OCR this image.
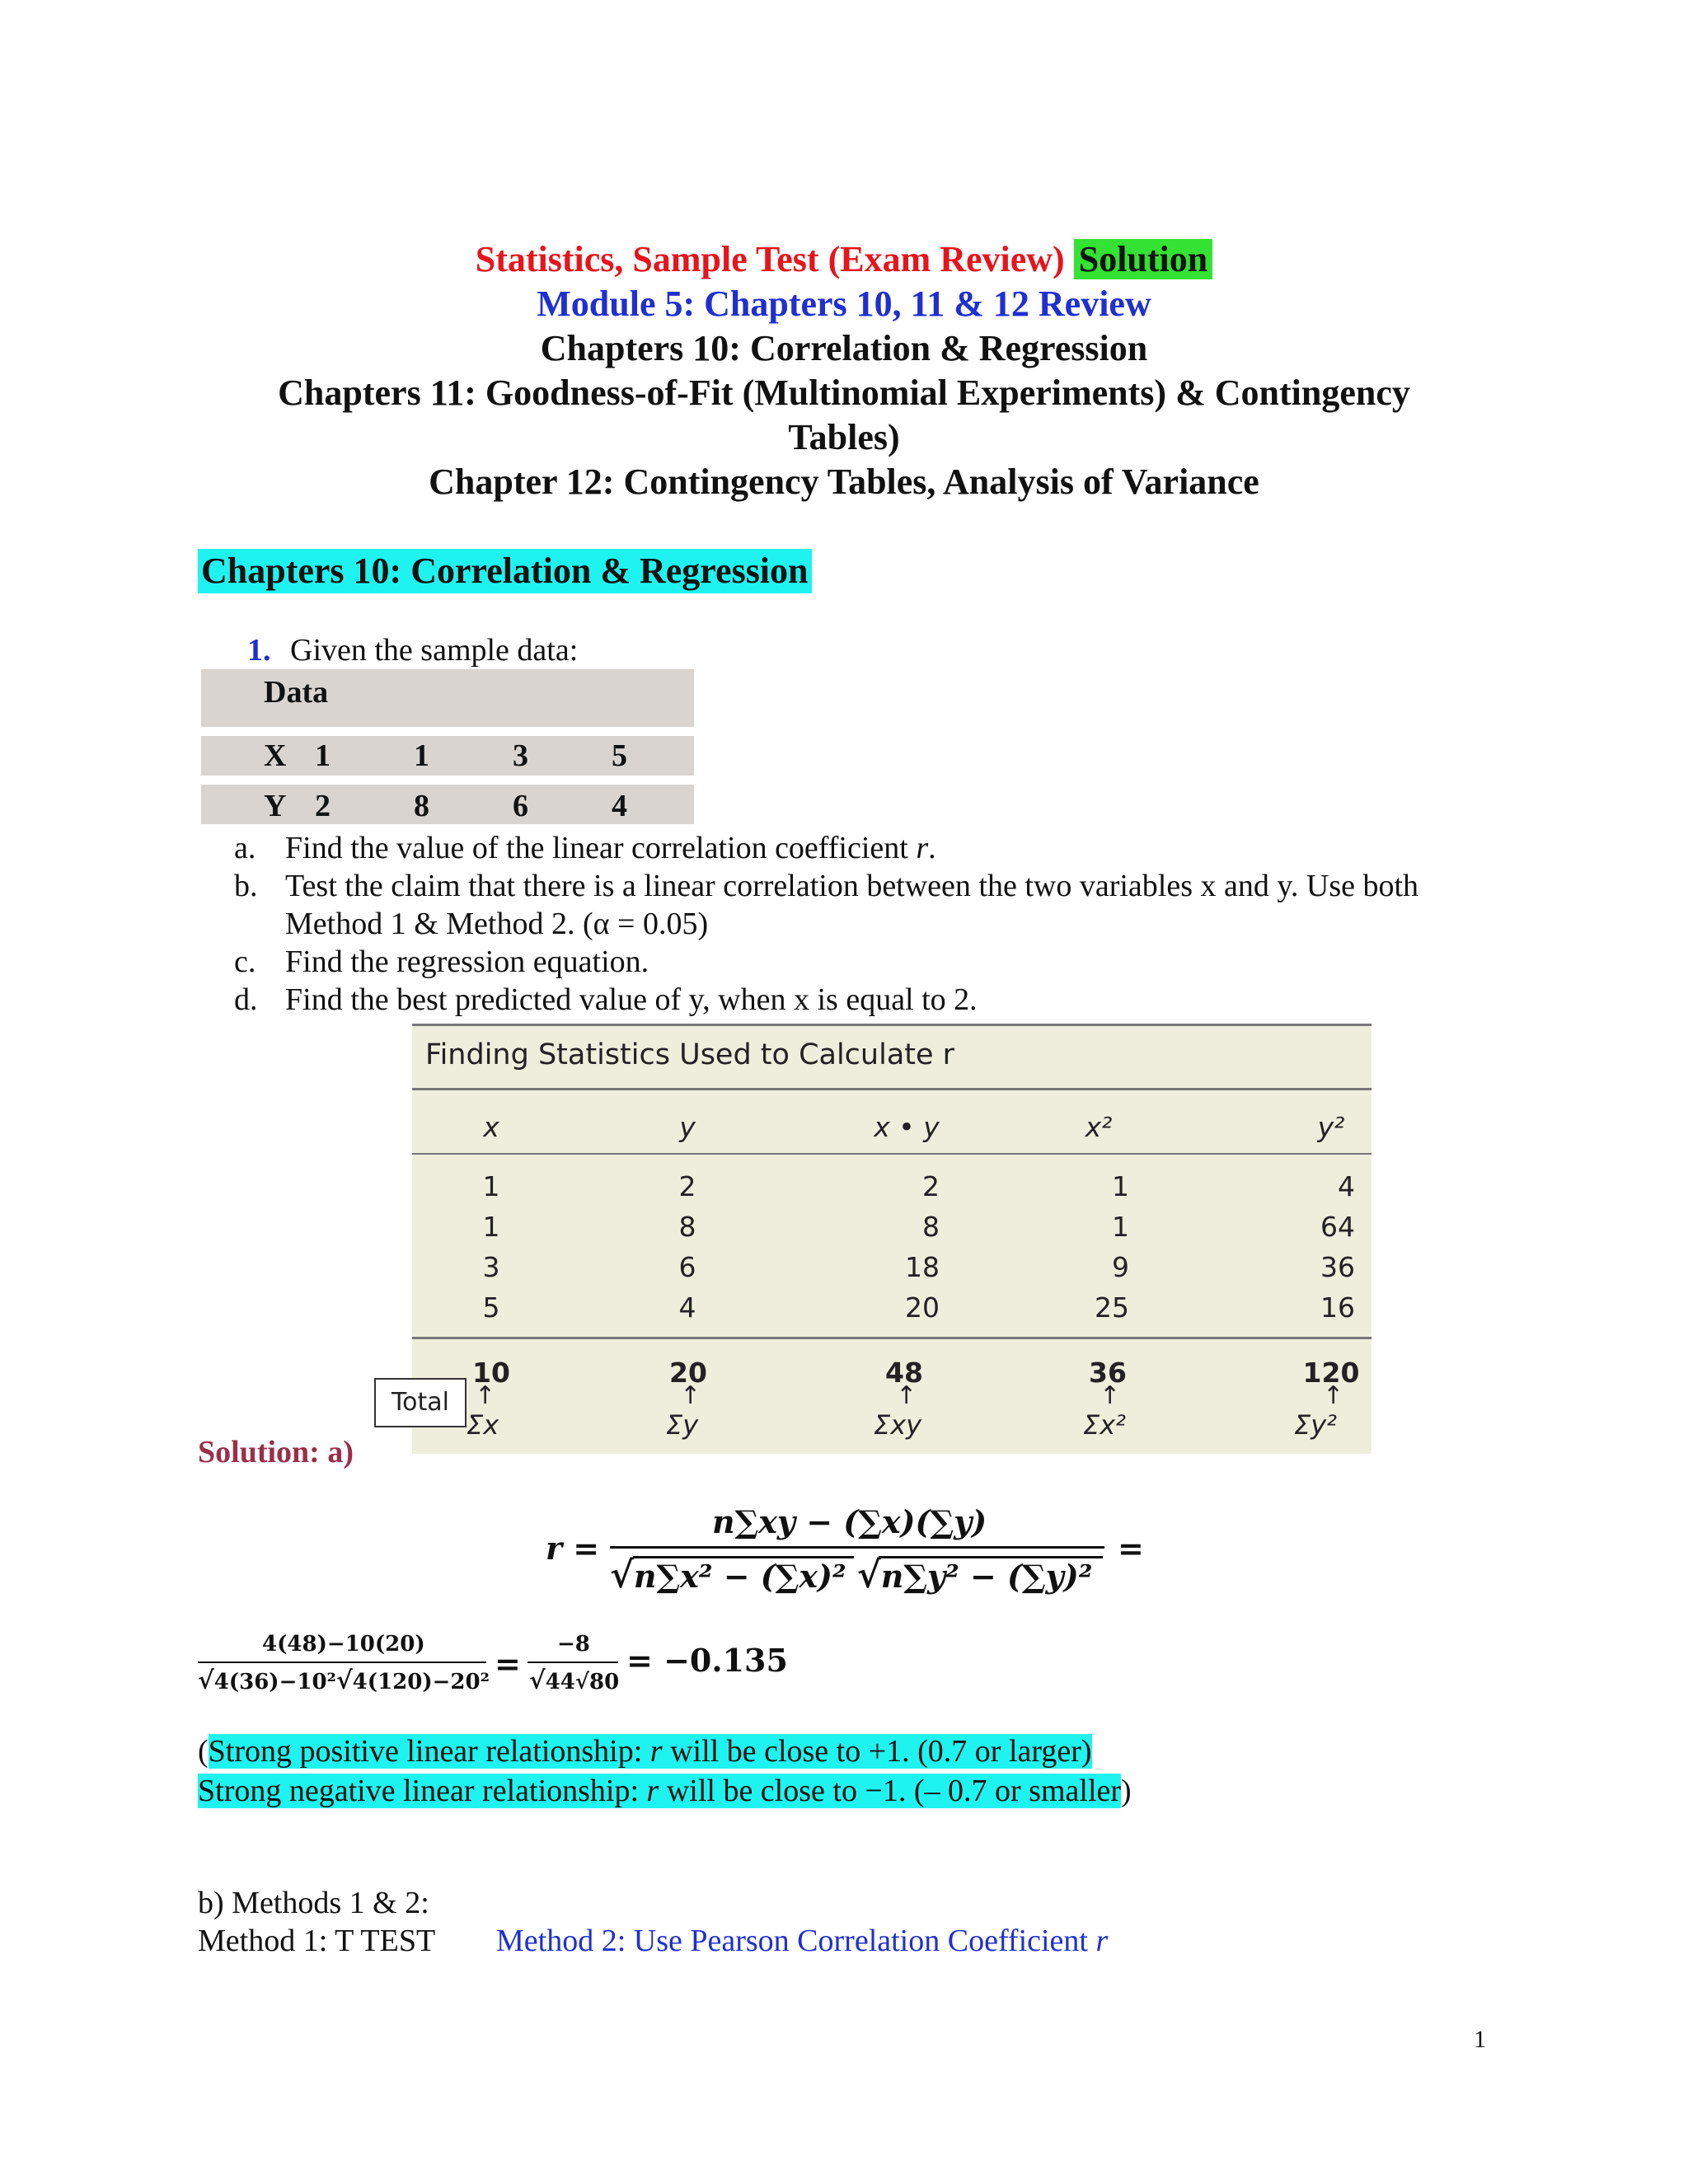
Statistics, Sample Test (Exam Review) Solution
Module 5: Chapters 10, 11 & 12 Review
Chapters 10: Correlation & Regression
Chapters 11: Goodness-of-Fit (Multinomial Experiments) & Contingency
Tables)
Chapter 12: Contingency Tables, Analysis of Variance
Chapters 10: Correlation & Regression
1. Given the sample data:
Data
X 1	1	3	5
Y 2	8	6	4
a. Find the value of the linear correlation coefficient r.
b. Test the claim that there is a linear correlation between the two variables x and y. Use both
Method 1 & Method 2. (α = 0.05)
c. Find the regression equation.
d. Find the best predicted value of y, when x is equal to 2.
Finding Statistics Used to Calculate r
x	y	x • y	x²	y²
1	2	2	1	4
1	8	8	1	64
3	6	18	9	36
5	4	20	25	16
10	20	48	36	120
↑	↑	↑	↑	↑
Σx	Σy	Σxy	Σx²	Σy²
Total
Solution: a)
r =
n∑xy − (∑x)(∑y)
√n∑x² − (∑x)² √n∑y² − (∑y)²
=
4(48)−10(20)
√4(36)−10²√4(120)−20² =
−8
√44√80
= −0.135
(Strong positive linear relationship: r will be close to +1. (0.7 or larger)
Strong negative linear relationship: r will be close to −1. (– 0.7 or smaller)
b) Methods 1 & 2:
Method 1: T TEST Method 2: Use Pearson Correlation Coefficient r
1
